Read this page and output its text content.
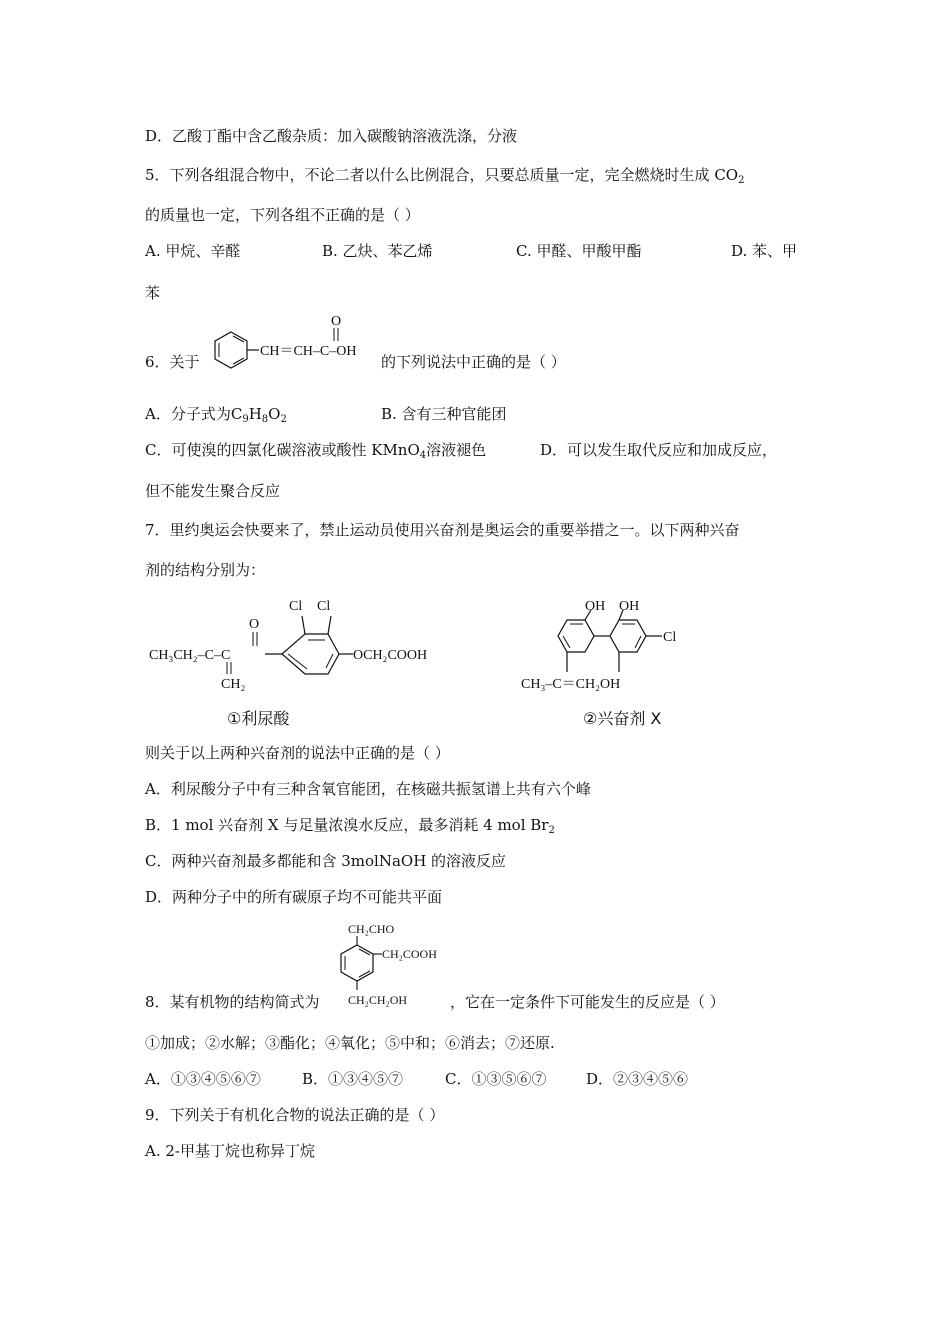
D．乙酸丁酯中含乙酸杂质：加入碳酸钠溶液洗涤，分液
5．下列各组混合物中，不论二者以什么比例混合，只要总质量一定，完全燃烧时生成 $CO_2$
的质量也一定，下列各组不正确的是（ ）
A. 甲烷、辛醛	B. 乙炔、苯乙烯	C. 甲醛、甲酸甲酯	D. 苯、甲
苯
6．关于
CH＝CH–C–OH
O
的下列说法中正确的是（ ）
A．分子式为$C_9H_8O_2$	B. 含有三种官能团
C．可使溴的四氯化碳溶液或酸性 KMnO$_4$溶液褪色	D．可以发生取代反应和加成反应，
但不能发生聚合反应
7．里约奥运会快要来了，禁止运动员使用兴奋剂是奥运会的重要举措之一。以下两种兴奋
剂的结构分别为：
CH₃CH₂–C–C
O
CH₂
Cl Cl
OCH₂COOH
①利尿酸
OH OH
Cl
CH₃–C＝CH₂OH
②兴奋剂 X
则关于以上两种兴奋剂的说法中正确的是（ ）
A．利尿酸分子中有三种含氧官能团，在核磁共振氢谱上共有六个峰
B．1 mol 兴奋剂 X 与足量浓溴水反应，最多消耗 4 mol $Br_2$
C．两种兴奋剂最多都能和含 3molNaOH 的溶液反应
D．两种分子中的所有碳原子均不可能共平面
CH₂CHO
CH₂COOH
CH₂CH₂OH
8．某有机物的结构简式为	，它在一定条件下可能发生的反应是（ ）
①加成；②水解；③酯化；④氧化；⑤中和；⑥消去；⑦还原.
A．①③④⑤⑥⑦	B．①③④⑤⑦	C．①③⑤⑥⑦	D．②③④⑤⑥
9．下列关于有机化合物的说法正确的是（ ）
A. 2-甲基丁烷也称异丁烷
